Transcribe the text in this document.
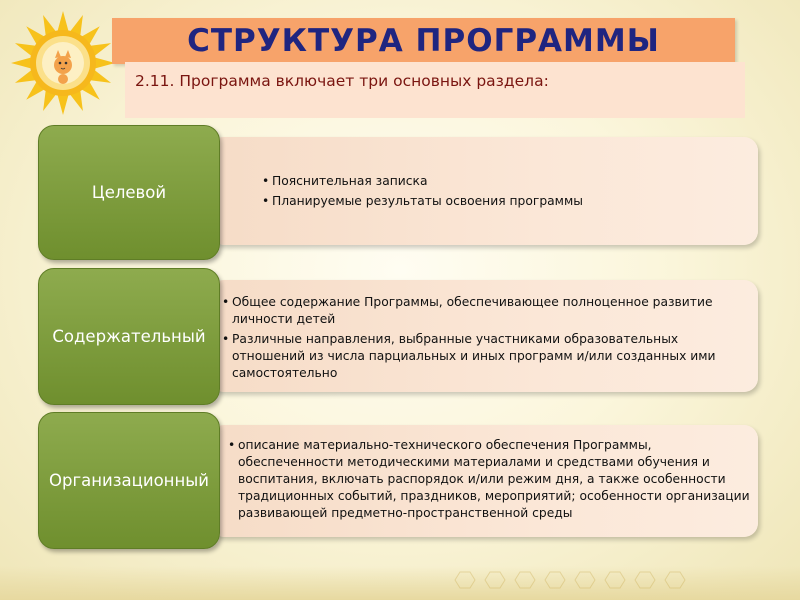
СТРУКТУРА ПРОГРАММЫ
2.11. Программа включает три основных раздела:
• Пояснительная записка
• Планируемые результаты освоения программы
Целевой
• Общее содержание Программы, обеспечивающее полноценное развитие личности детей
• Различные направления, выбранные участниками образовательных отношений из числа парциальных и иных программ и/или созданных ими самостоятельно
Содержательный
• описание материально-технического обеспечения Программы, обеспеченности методическими материалами и средствами обучения и воспитания, включать распорядок и/или режим дня, а также особенности традиционных событий, праздников, мероприятий; особенности организации развивающей предметно-пространственной среды
Организационный
